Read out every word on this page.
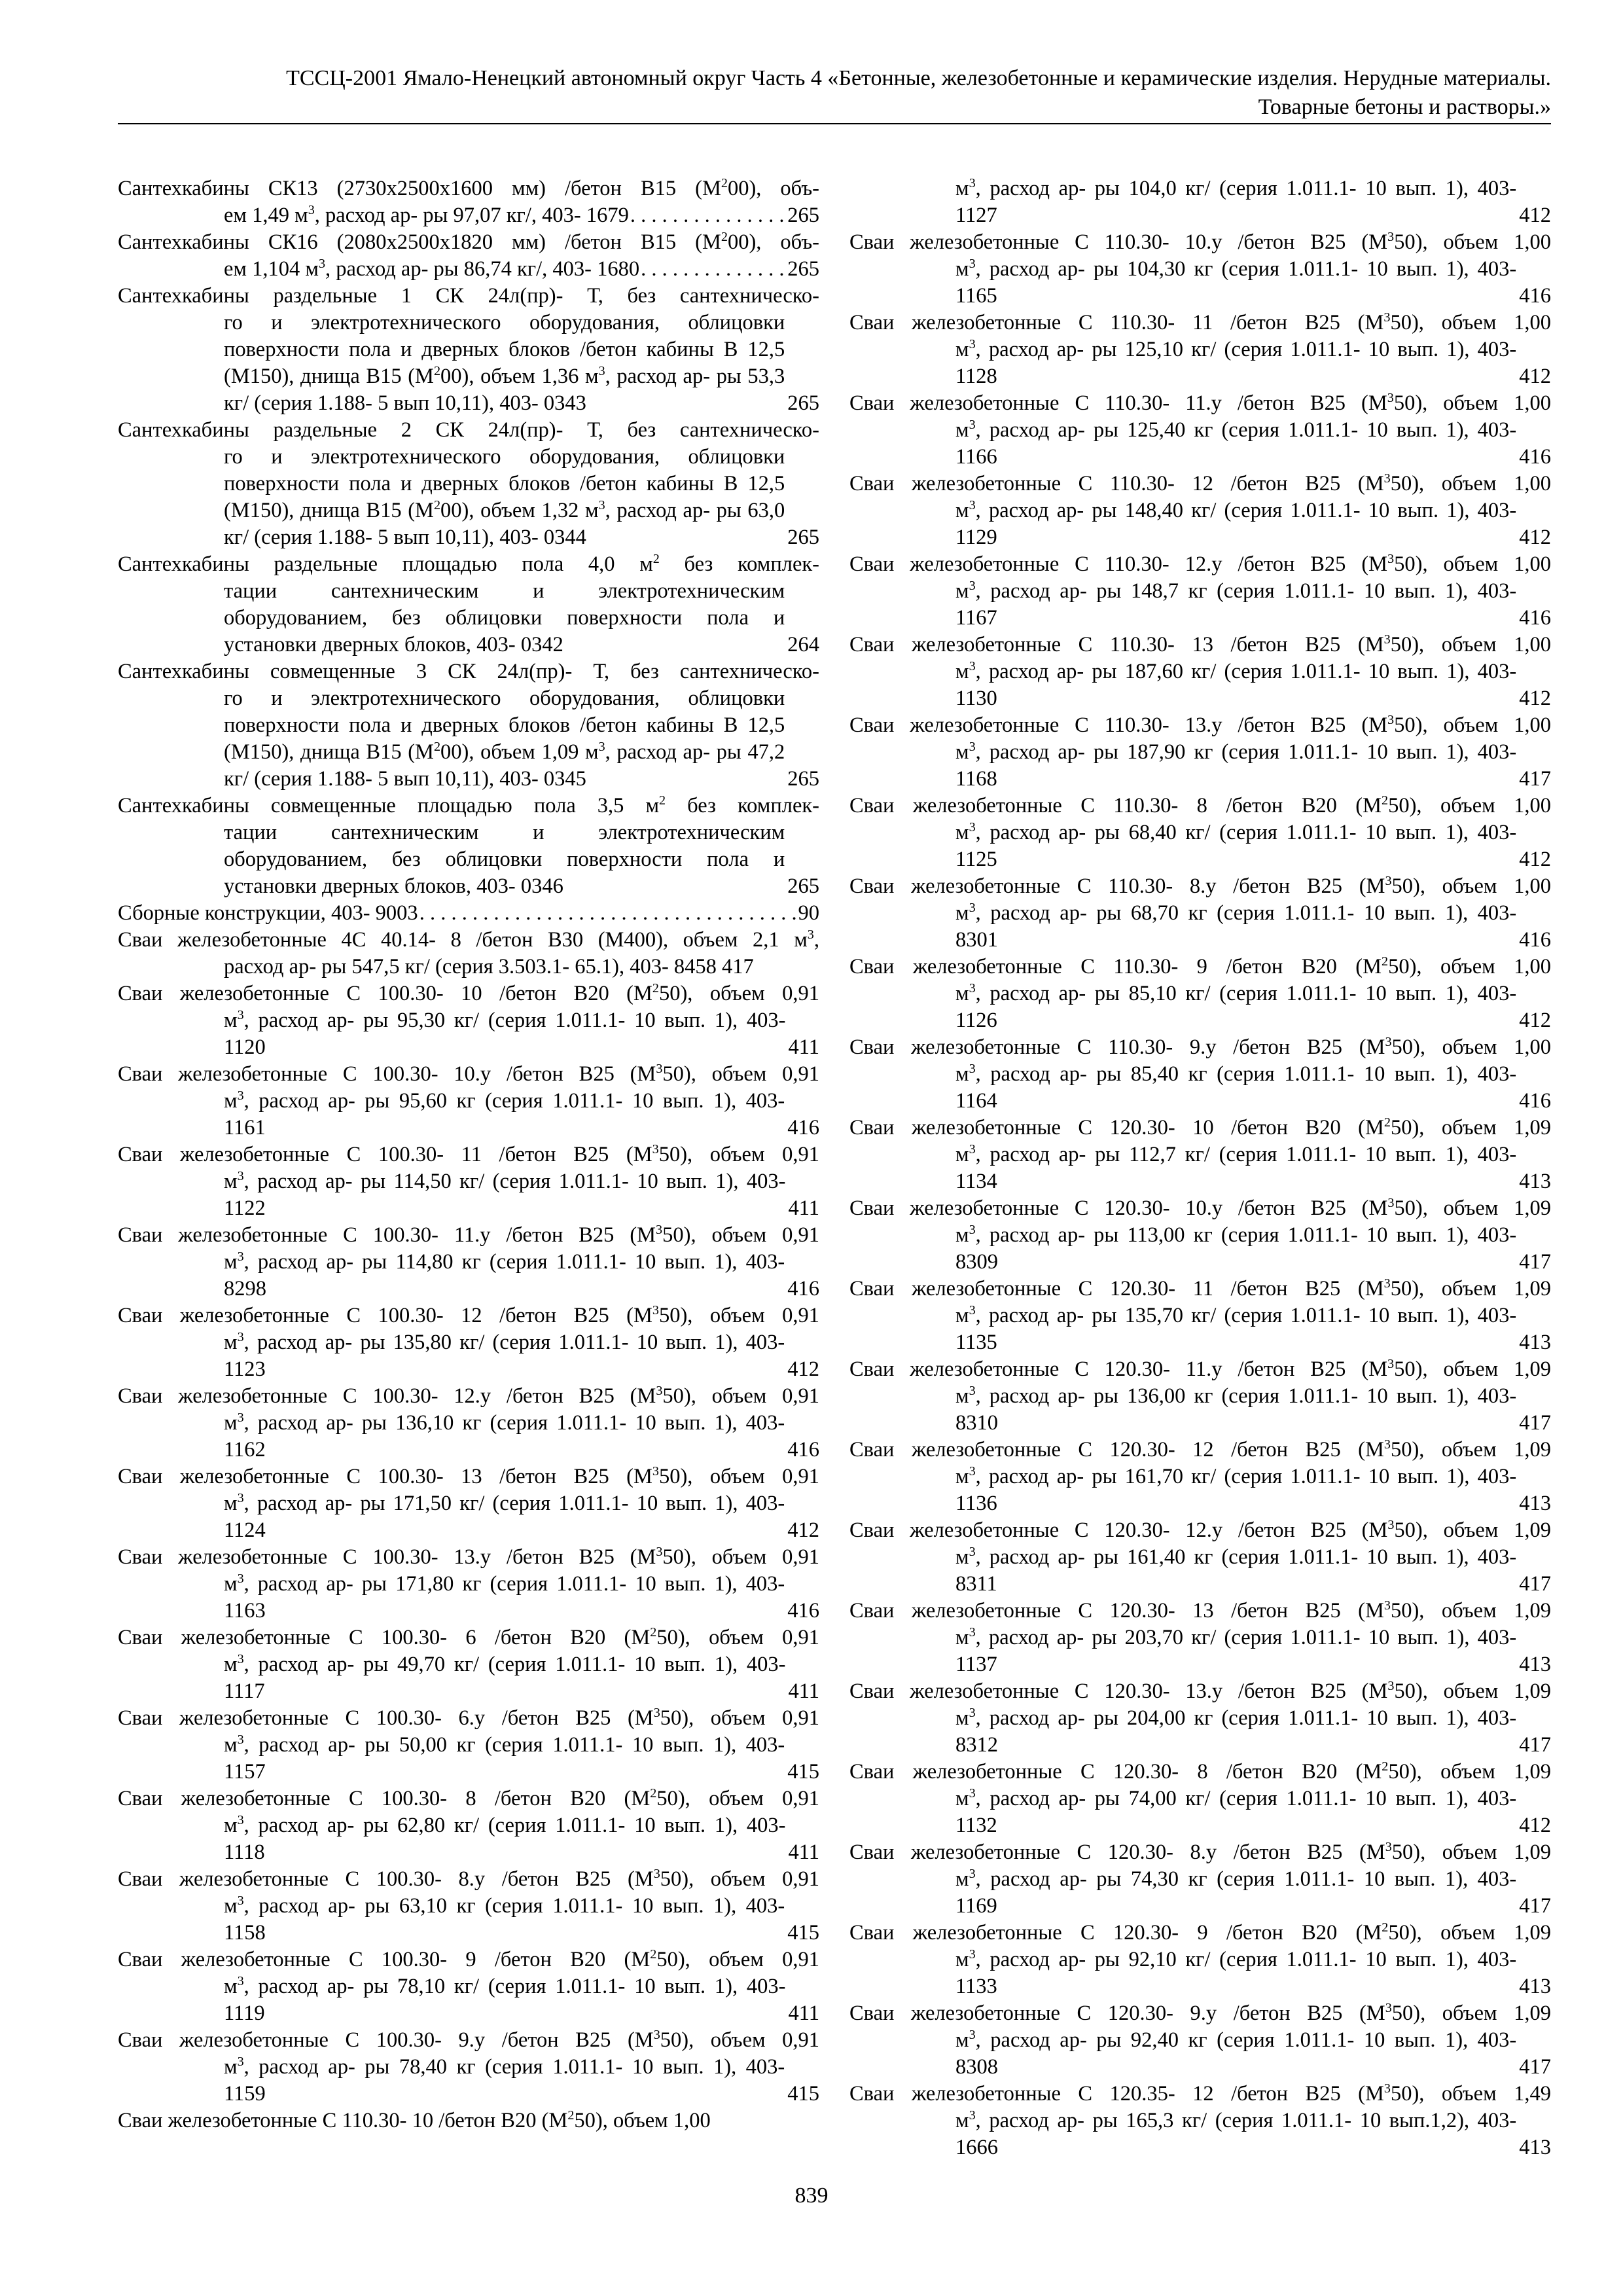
ТССЦ-2001 Ямало-Ненецкий автономный округ Часть 4 «Бетонные, железобетонные и керамические изделия. Нерудные материалы.
Товарные бетоны и растворы.»
Сантехкабины СК13 (2730х2500х1600 мм) /бетон В15 $(М^200)$, объ-
ем 1,49 $м^3$, расход ар- ры 97,07 кг/, 403- 1679 . . .	265
Сантехкабины СК16 (2080х2500х1820 мм) /бетон В15 $(М^200)$, объ-
ем 1,104 $м^3$, расход ар- ры 86,74 кг/, 403- 1680 . . .	265
Сантехкабины раздельные 1 СК 24л(пр)- Т, без сантехническо-
го и электротехнического оборудования, облицовки поверхности пола и дверных блоков /бетон кабины В 12,5 (М150), днища В15 $(М^200)$, объем 1,36 $м^3$, расход ар- ры 53,3 кг/ (серия 1.188- 5 вып 10,11), 403- 0343	265
Сантехкабины раздельные 2 СК 24л(пр)- Т, без сантехническо-
го и электротехнического оборудования, облицовки поверхности пола и дверных блоков /бетон кабины В 12,5 (М150), днища В15 $(М^200)$, объем 1,32 $м^3$, расход ар- ры 63,0 кг/ (серия 1.188- 5 вып 10,11), 403- 0344	265
Сантехкабины раздельные площадью пола 4,0 $м^2$ без комплек-
тации сантехническим и электротехническим оборудованием, без облицовки поверхности пола и установки дверных блоков, 403- 0342	264
Сантехкабины совмещенные 3 СК 24л(пр)- Т, без сантехническо-
го и электротехнического оборудования, облицовки поверхности пола и дверных блоков /бетон кабины В 12,5 (М150), днища В15 $(М^200)$, объем 1,09 $м^3$, расход ар- ры 47,2 кг/ (серия 1.188- 5 вып 10,11), 403- 0345	265
Сантехкабины совмещенные площадью пола 3,5 $м^2$ без комплек-
тации сантехническим и электротехническим оборудованием, без облицовки поверхности пола и установки дверных блоков, 403- 0346	265
Сборные конструкции, 403- 9003 . . .	90
Сваи железобетонные 4С 40.14- 8 /бетон В30 (М400), объем 2,1 $м^3$,
расход ар- ры 547,5 кг/ (серия 3.503.1- 65.1), 403- 8458 417
Сваи железобетонные С 100.30- 10 /бетон В20 $(М^250)$, объем 0,91
$м^3$, расход ар- ры 95,30 кг/ (серия 1.011.1- 10 вып. 1), 403- 1120	411
Сваи железобетонные С 100.30- 10.у /бетон В25 $(М^350)$, объем 0,91
$м^3$, расход ар- ры 95,60 кг (серия 1.011.1- 10 вып. 1), 403- 1161	416
Сваи железобетонные С 100.30- 11 /бетон В25 $(М^350)$, объем 0,91
$м^3$, расход ар- ры 114,50 кг/ (серия 1.011.1- 10 вып. 1), 403- 1122	411
Сваи железобетонные С 100.30- 11.у /бетон В25 $(М^350)$, объем 0,91
$м^3$, расход ар- ры 114,80 кг (серия 1.011.1- 10 вып. 1), 403- 8298	416
Сваи железобетонные С 100.30- 12 /бетон В25 $(М^350)$, объем 0,91
$м^3$, расход ар- ры 135,80 кг/ (серия 1.011.1- 10 вып. 1), 403- 1123	412
Сваи железобетонные С 100.30- 12.у /бетон В25 $(М^350)$, объем 0,91
$м^3$, расход ар- ры 136,10 кг (серия 1.011.1- 10 вып. 1), 403- 1162	416
Сваи железобетонные С 100.30- 13 /бетон В25 $(М^350)$, объем 0,91
$м^3$, расход ар- ры 171,50 кг/ (серия 1.011.1- 10 вып. 1), 403- 1124	412
Сваи железобетонные С 100.30- 13.у /бетон В25 $(М^350)$, объем 0,91
$м^3$, расход ар- ры 171,80 кг (серия 1.011.1- 10 вып. 1), 403- 1163	416
Сваи железобетонные С 100.30- 6 /бетон В20 $(М^250)$, объем 0,91
$м^3$, расход ар- ры 49,70 кг/ (серия 1.011.1- 10 вып. 1), 403- 1117	411
Сваи железобетонные С 100.30- 6.у /бетон В25 $(М^350)$, объем 0,91
$м^3$, расход ар- ры 50,00 кг (серия 1.011.1- 10 вып. 1), 403- 1157	415
Сваи железобетонные С 100.30- 8 /бетон В20 $(М^250)$, объем 0,91
$м^3$, расход ар- ры 62,80 кг/ (серия 1.011.1- 10 вып. 1), 403- 1118	411
Сваи железобетонные С 100.30- 8.у /бетон В25 $(М^350)$, объем 0,91
$м^3$, расход ар- ры 63,10 кг (серия 1.011.1- 10 вып. 1), 403- 1158	415
Сваи железобетонные С 100.30- 9 /бетон В20 $(М^250)$, объем 0,91
$м^3$, расход ар- ры 78,10 кг/ (серия 1.011.1- 10 вып. 1), 403- 1119	411
Сваи железобетонные С 100.30- 9.у /бетон В25 $(М^350)$, объем 0,91
$м^3$, расход ар- ры 78,40 кг (серия 1.011.1- 10 вып. 1), 403- 1159	415
Сваи железобетонные С 110.30- 10 /бетон В20 $(М^250)$, объем 1,00
$м^3$, расход ар- ры 104,0 кг/ (серия 1.011.1- 10 вып. 1), 403- 1127	412
Сваи железобетонные С 110.30- 10.у /бетон В25 $(М^350)$, объем 1,00
$м^3$, расход ар- ры 104,30 кг (серия 1.011.1- 10 вып. 1), 403- 1165	416
Сваи железобетонные С 110.30- 11 /бетон В25 $(М^350)$, объем 1,00
$м^3$, расход ар- ры 125,10 кг/ (серия 1.011.1- 10 вып. 1), 403- 1128	412
Сваи железобетонные С 110.30- 11.у /бетон В25 $(М^350)$, объем 1,00
$м^3$, расход ар- ры 125,40 кг (серия 1.011.1- 10 вып. 1), 403- 1166	416
Сваи железобетонные С 110.30- 12 /бетон В25 $(М^350)$, объем 1,00
$м^3$, расход ар- ры 148,40 кг/ (серия 1.011.1- 10 вып. 1), 403- 1129	412
Сваи железобетонные С 110.30- 12.у /бетон В25 $(М^350)$, объем 1,00
$м^3$, расход ар- ры 148,7 кг (серия 1.011.1- 10 вып. 1), 403- 1167	416
Сваи железобетонные С 110.30- 13 /бетон В25 $(М^350)$, объем 1,00
$м^3$, расход ар- ры 187,60 кг/ (серия 1.011.1- 10 вып. 1), 403- 1130	412
Сваи железобетонные С 110.30- 13.у /бетон В25 $(М^350)$, объем 1,00
$м^3$, расход ар- ры 187,90 кг (серия 1.011.1- 10 вып. 1), 403- 1168	417
Сваи железобетонные С 110.30- 8 /бетон В20 $(М^250)$, объем 1,00
$м^3$, расход ар- ры 68,40 кг/ (серия 1.011.1- 10 вып. 1), 403- 1125	412
Сваи железобетонные С 110.30- 8.у /бетон В25 $(М^350)$, объем 1,00
$м^3$, расход ар- ры 68,70 кг (серия 1.011.1- 10 вып. 1), 403- 8301	416
Сваи железобетонные С 110.30- 9 /бетон В20 $(М^250)$, объем 1,00
$м^3$, расход ар- ры 85,10 кг/ (серия 1.011.1- 10 вып. 1), 403- 1126	412
Сваи железобетонные С 110.30- 9.у /бетон В25 $(М^350)$, объем 1,00
$м^3$, расход ар- ры 85,40 кг (серия 1.011.1- 10 вып. 1), 403- 1164	416
Сваи железобетонные С 120.30- 10 /бетон В20 $(М^250)$, объем 1,09
$м^3$, расход ар- ры 112,7 кг/ (серия 1.011.1- 10 вып. 1), 403- 1134	413
Сваи железобетонные С 120.30- 10.у /бетон В25 $(М^350)$, объем 1,09
$м^3$, расход ар- ры 113,00 кг (серия 1.011.1- 10 вып. 1), 403- 8309	417
Сваи железобетонные С 120.30- 11 /бетон В25 $(М^350)$, объем 1,09
$м^3$, расход ар- ры 135,70 кг/ (серия 1.011.1- 10 вып. 1), 403- 1135	413
Сваи железобетонные С 120.30- 11.у /бетон В25 $(М^350)$, объем 1,09
$м^3$, расход ар- ры 136,00 кг (серия 1.011.1- 10 вып. 1), 403- 8310	417
Сваи железобетонные С 120.30- 12 /бетон В25 $(М^350)$, объем 1,09
$м^3$, расход ар- ры 161,70 кг/ (серия 1.011.1- 10 вып. 1), 403- 1136	413
Сваи железобетонные С 120.30- 12.у /бетон В25 $(М^350)$, объем 1,09
$м^3$, расход ар- ры 161,40 кг (серия 1.011.1- 10 вып. 1), 403- 8311	417
Сваи железобетонные С 120.30- 13 /бетон В25 $(М^350)$, объем 1,09
$м^3$, расход ар- ры 203,70 кг/ (серия 1.011.1- 10 вып. 1), 403- 1137	413
Сваи железобетонные С 120.30- 13.у /бетон В25 $(М^350)$, объем 1,09
$м^3$, расход ар- ры 204,00 кг (серия 1.011.1- 10 вып. 1), 403- 8312	417
Сваи железобетонные С 120.30- 8 /бетон В20 $(М^250)$, объем 1,09
$м^3$, расход ар- ры 74,00 кг/ (серия 1.011.1- 10 вып. 1), 403- 1132	412
Сваи железобетонные С 120.30- 8.у /бетон В25 $(М^350)$, объем 1,09
$м^3$, расход ар- ры 74,30 кг (серия 1.011.1- 10 вып. 1), 403- 1169	417
Сваи железобетонные С 120.30- 9 /бетон В20 $(М^250)$, объем 1,09
$м^3$, расход ар- ры 92,10 кг/ (серия 1.011.1- 10 вып. 1), 403- 1133	413
Сваи железобетонные С 120.30- 9.у /бетон В25 $(М^350)$, объем 1,09
$м^3$, расход ар- ры 92,40 кг (серия 1.011.1- 10 вып. 1), 403- 8308	417
Сваи железобетонные С 120.35- 12 /бетон В25 $(М^350)$, объем 1,49
$м^3$, расход ар- ры 165,3 кг/ (серия 1.011.1- 10 вып.1,2), 403- 1666	413
839
